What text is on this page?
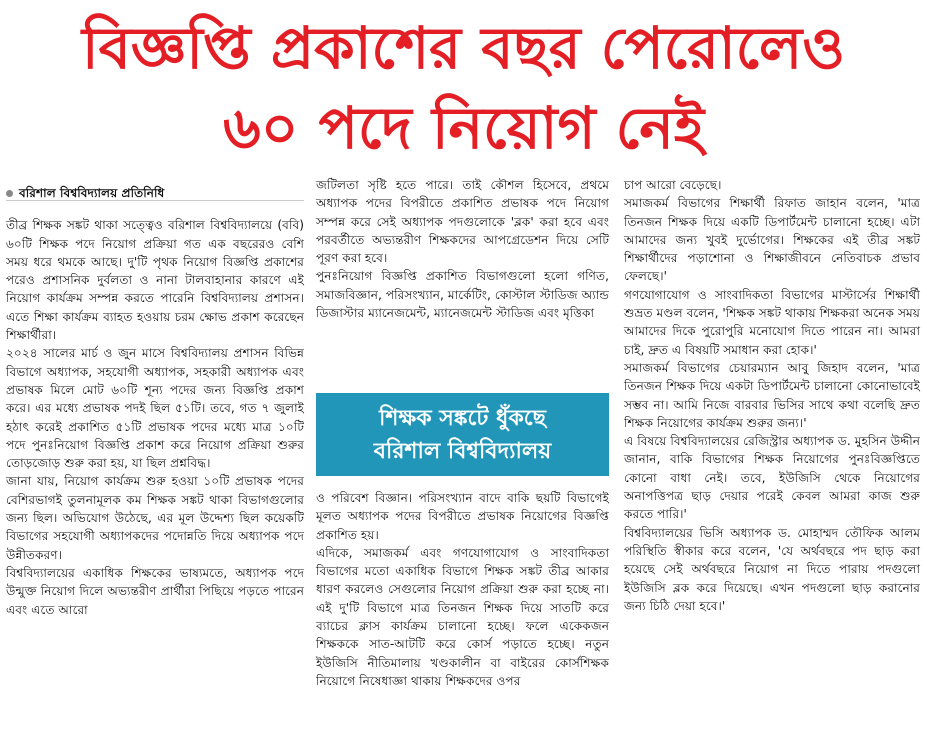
বিজ্ঞপ্তি প্রকাশের বছর পেরোলেও
৬০ পদে নিয়োগ নেই
বরিশাল বিশ্ববিদ্যালয় প্রতিনিধি

তীব্র শিক্ষক সঙ্কট থাকা সত্ত্বেও বরিশাল বিশ্ববিদ্যালয়ে (ববি) ৬০টি শিক্ষক পদে নিয়োগ প্রক্রিয়া গত এক বছরেরও বেশি সময় ধরে থমকে আছে। দু'টি পৃথক নিয়োগ বিজ্ঞপ্তি প্রকাশের পরেও প্রশাসনিক দুর্বলতা ও নানা টালবাহানার কারণে এই নিয়োগ কার্যক্রম সম্পন্ন করতে পারেনি বিশ্ববিদ্যালয় প্রশাসন। এতে শিক্ষা কার্যক্রম ব্যাহত হওয়ায় চরম ক্ষোভ প্রকাশ করেছেন শিক্ষার্থীরা।

২০২৪ সালের মার্চ ও জুন মাসে বিশ্ববিদ্যালয় প্রশাসন বিভিন্ন বিভাগে অধ্যাপক, সহযোগী অধ্যাপক, সহকারী অধ্যাপক এবং প্রভাষক মিলে মোট ৬০টি শূন্য পদের জন্য বিজ্ঞপ্তি প্রকাশ করে। এর মধ্যে প্রভাষক পদই ছিল ৫১টি। তবে, গত ৭ জুলাই হঠাৎ করেই প্রকাশিত ৫১টি প্রভাষক পদের মধ্যে মাত্র ১০টি পদে পুনঃনিয়োগ বিজ্ঞপ্তি প্রকাশ করে নিয়োগ প্রক্রিয়া শুরুর তোড়জোড় শুরু করা হয়, যা ছিল প্রশ্নবিদ্ধ।

জানা যায়, নিয়োগ কার্যক্রম শুরু হওয়া ১০টি প্রভাষক পদের বেশিরভাগই তুলনামূলক কম শিক্ষক সঙ্কট থাকা বিভাগগুলোর জন্য ছিল। অভিযোগ উঠেছে, এর মূল উদ্দেশ্য ছিল কয়েকটি বিভাগের সহযোগী অধ্যাপকদের পদোন্নতি দিয়ে অধ্যাপক পদে উন্নীতকরণ।

বিশ্ববিদ্যালয়ের একাধিক শিক্ষকের ভাষ্যমতে, অধ্যাপক পদে উন্মুক্ত নিয়োগ দিলে অভ্যন্তরীণ প্রার্থীরা পিছিয়ে পড়তে পারেন এবং এতে আরো

জটিলতা সৃষ্টি হতে পারে। তাই কৌশল হিসেবে, প্রথমে অধ্যাপক পদের বিপরীতে প্রকাশিত প্রভাষক পদে নিয়োগ সম্পন্ন করে সেই অধ্যাপক পদগুলোকে 'ব্লক' করা হবে এবং পরবর্তীতে অভ্যন্তরীণ শিক্ষকদের আপগ্রেডেশন দিয়ে সেটি পূরণ করা হবে।

পুনঃনিয়োগ বিজ্ঞপ্তি প্রকাশিত বিভাগগুলো হলো গণিত, সমাজবিজ্ঞান, পরিসংখ্যান, মার্কেটিং, কোস্টাল স্টাডিজ অ্যান্ড ডিজাস্টার ম্যানেজমেন্ট, ম্যানেজমেন্ট স্টাডিজ এবং মৃত্তিকা

শিক্ষক সঙ্কটে ধুঁকছে
বরিশাল বিশ্ববিদ্যালয়

ও পরিবেশ বিজ্ঞান। পরিসংখ্যান বাদে বাকি ছয়টি বিভাগেই মূলত অধ্যাপক পদের বিপরীতে প্রভাষক নিয়োগের বিজ্ঞপ্তি প্রকাশিত হয়।

এদিকে, সমাজকর্ম এবং গণযোগাযোগ ও সাংবাদিকতা বিভাগের মতো একাধিক বিভাগে শিক্ষক সঙ্কট তীব্র আকার ধারণ করলেও সেগুলোর নিয়োগ প্রক্রিয়া শুরু করা হচ্ছে না। এই দু'টি বিভাগে মাত্র তিনজন শিক্ষক দিয়ে সাতটি করে ব্যাচের ক্লাস কার্যক্রম চালানো হচ্ছে। ফলে একেকজন শিক্ষককে সাত-আটটি করে কোর্স পড়াতে হচ্ছে। নতুন ইউজিসি নীতিমালায় খণ্ডকালীন বা বাইরের কোর্সশিক্ষক নিয়োগে নিষেধাজ্ঞা থাকায় শিক্ষকদের ওপর

চাপ আরো বেড়েছে।

সমাজকর্ম বিভাগের শিক্ষার্থী রিফাত জাহান বলেন, 'মাত্র তিনজন শিক্ষক দিয়ে একটি ডিপার্টমেন্ট চালানো হচ্ছে। এটা আমাদের জন্য খুবই দুর্ভোগের। শিক্ষকের এই তীব্র সঙ্কট শিক্ষার্থীদের পড়াশোনা ও শিক্ষাজীবনে নেতিবাচক প্রভাব ফেলছে।'

গণযোগাযোগ ও সাংবাদিকতা বিভাগের মাস্টার্সের শিক্ষার্থী শুভ্রত মণ্ডল বলেন, 'শিক্ষক সঙ্কট থাকায় শিক্ষকরা অনেক সময় আমাদের দিকে পুরোপুরি মনোযোগ দিতে পারেন না। আমরা চাই, দ্রুত এ বিষয়টি সমাধান করা হোক।'

সমাজকর্ম বিভাগের চেয়ারম্যান আবু জিহাদ বলেন, 'মাত্র তিনজন শিক্ষক দিয়ে একটা ডিপার্টমেন্ট চালানো কোনোভাবেই সম্ভব না। আমি নিজে বারবার ভিসির সাথে কথা বলেছি দ্রুত শিক্ষক নিয়োগের কার্যক্রম শুরুর জন্য।'

এ বিষয়ে বিশ্ববিদ্যালয়ের রেজিস্ট্রার অধ্যাপক ড. মুহসিন উদ্দীন জানান, বাকি বিভাগের শিক্ষক নিয়োগের পুনঃবিজ্ঞপ্তিতে কোনো বাধা নেই। তবে, ইউজিসি থেকে নিয়োগের অনাপত্তিপত্র ছাড় দেয়ার পরেই কেবল আমরা কাজ শুরু করতে পারি।'

বিশ্ববিদ্যালয়ের ভিসি অধ্যাপক ড. মোহাম্মদ তৌফিক আলম পরিস্থিতি স্বীকার করে বলেন, 'যে অর্থবছরে পদ ছাড় করা হয়েছে সেই অর্থবছরে নিয়োগ না দিতে পারায় পদগুলো ইউজিসি ব্লক করে দিয়েছে। এখন পদগুলো ছাড় করানোর জন্য চিঠি দেয়া হবে।'
